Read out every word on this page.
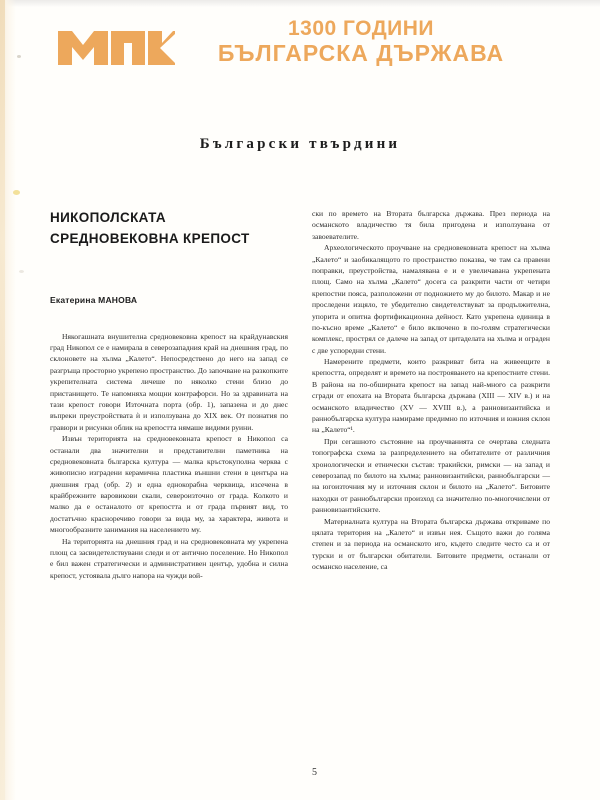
1300 ГОДИНИ
БЪЛГАРСКА ДЪРЖАВА
Български твърдини
НИКОПОЛСКАТА
СРЕДНОВЕКОВНА КРЕПОСТ
Екатерина МАНОВА

Някогашната внушителна средновековна крепост на крайдунавския град Никопол се е намирала в северозападния край на днешния град, по склоновете на хълма „Калето“. Непосредствено до него на запад се разгръща просторно укрепено пространство. До започване на разкопките укрепителната система личеше по няколко стени близо до пристанището. Те напомняха мощни контрафорси. Но за здравината на тази крепост говори Източната порта (обр. 1), запазена и до днес въпреки преустройствата ѝ и използувана до XIX век. От познатия по гравюри и рисунки облик на крепостта нямаше видими руини.

Извън територията на средновековната крепост в Никопол са останали два значителни и представителни паметника на средновековната българска култура — малка кръстокуполна черква с живописно изградени керамична пластика външни стени в центъра на днешния град (обр. 2) и една еднокорабна черквица, изсечена в крайбрежните варовикови скали, североизточно от града. Колкото и малко да е останалото от крепостта и от града първият вид, то достатъчно красноречиво говори за вида му, за характера, живота и многообразните занимания на населението му.

На територията на днешния град и на средновековната му укрепена площ са засвидетелствувани следи и от антично поселение. Но Никопол е бил важен стратегически и административен център, удобна и силна крепост, устоявала дълго напора на чужди вой-

ски по времето на Втората българска държава. През периода на османското владичество тя била пригодена и използувана от завоевателите.

Археологическото проучване на средновековната крепост на хълма „Калето“ и заобикалящото го пространство показва, че там са правени поправки, преустройства, намалявана е и е увеличавана укрепената площ. Само на хълма „Калето“ досега са разкрити части от четири крепостни пояса, разположени от подножието му до билото. Макар и не проследени изцяло, те убедително свидетелствуват за продължителна, упорита и опитна фортификационна дейност. Като укрепена единица в по-късно време „Калето“ е било включено в по-голям стратегически комплекс, прострял се далече на запад от цитаделата на хълма и ограден с две успоредни стени.

Намерените предмети, които разкриват бита на живеещите в крепостта, определят и времето на построяването на крепостните стени. В района на по-обширната крепост на запад най-много са разкрити сгради от епохата на Втората българска държава (XIII — XIV в.) и на османското владичество (XV — XVIII в.), а ранновизантийска и раннобългарска култура намираме предимно по източния и южния склон на „Калето“¹.

При сегашното състояние на проучванията се очертава следната топографска схема за разпределението на обитателите от различния хронологически и етнически състав: тракийски, римски — на запад и северозапад по билото на хълма; ранновизантийски, раннобългарски — на югоизточния му и източния склон и билото на „Калето“. Битовите находки от раннобългарски произход са значително по-многочислени от ранновизантийските.

Материалната култура на Втората българска държава откриваме по цялата територия на „Калето“ и извън нея. Същото важи до голяма степен и за периода на османското иго, където следите често са и от турски и от български обитатели. Битовите предмети, останали от османско население, са

5
